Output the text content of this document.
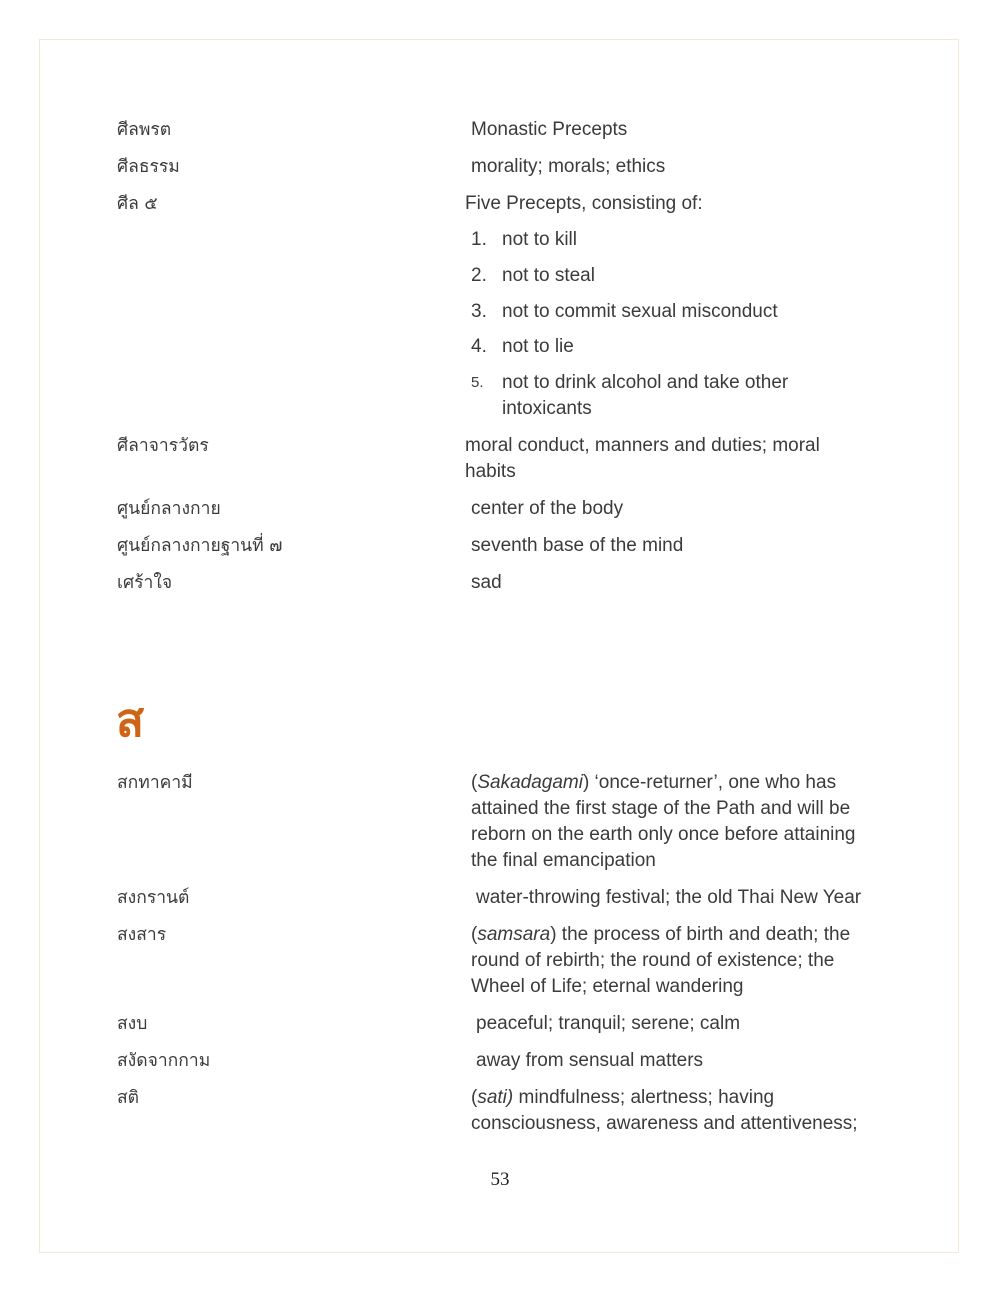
ศีลพรต	Monastic Precepts

ศีลธรรม	morality; morals; ethics

ศีล ๕	Five Precepts, consisting of:

1. not to kill

2. not to steal

3. not to commit sexual misconduct

4. not to lie

5. not to drink alcohol and take other

intoxicants

ศีลาจารวัตร	moral conduct, manners and duties; moral

habits

ศูนย์กลางกาย	center of the body

ศูนย์กลางกายฐานที่ ๗	seventh base of the mind

เศร้าใจ	sad

ส

สกทาคามี	(Sakadagami) ‘once-returner’, one who has

attained the first stage of the Path and will be

reborn on the earth only once before attaining

the final emancipation

สงกรานต์	water-throwing festival; the old Thai New Year

สงสาร	(samsara) the process of birth and death; the

round of rebirth; the round of existence; the

Wheel of Life; eternal wandering

สงบ	peaceful; tranquil; serene; calm

สงัดจากกาม	away from sensual matters

สติ	(sati) mindfulness; alertness; having

consciousness, awareness and attentiveness;

53
